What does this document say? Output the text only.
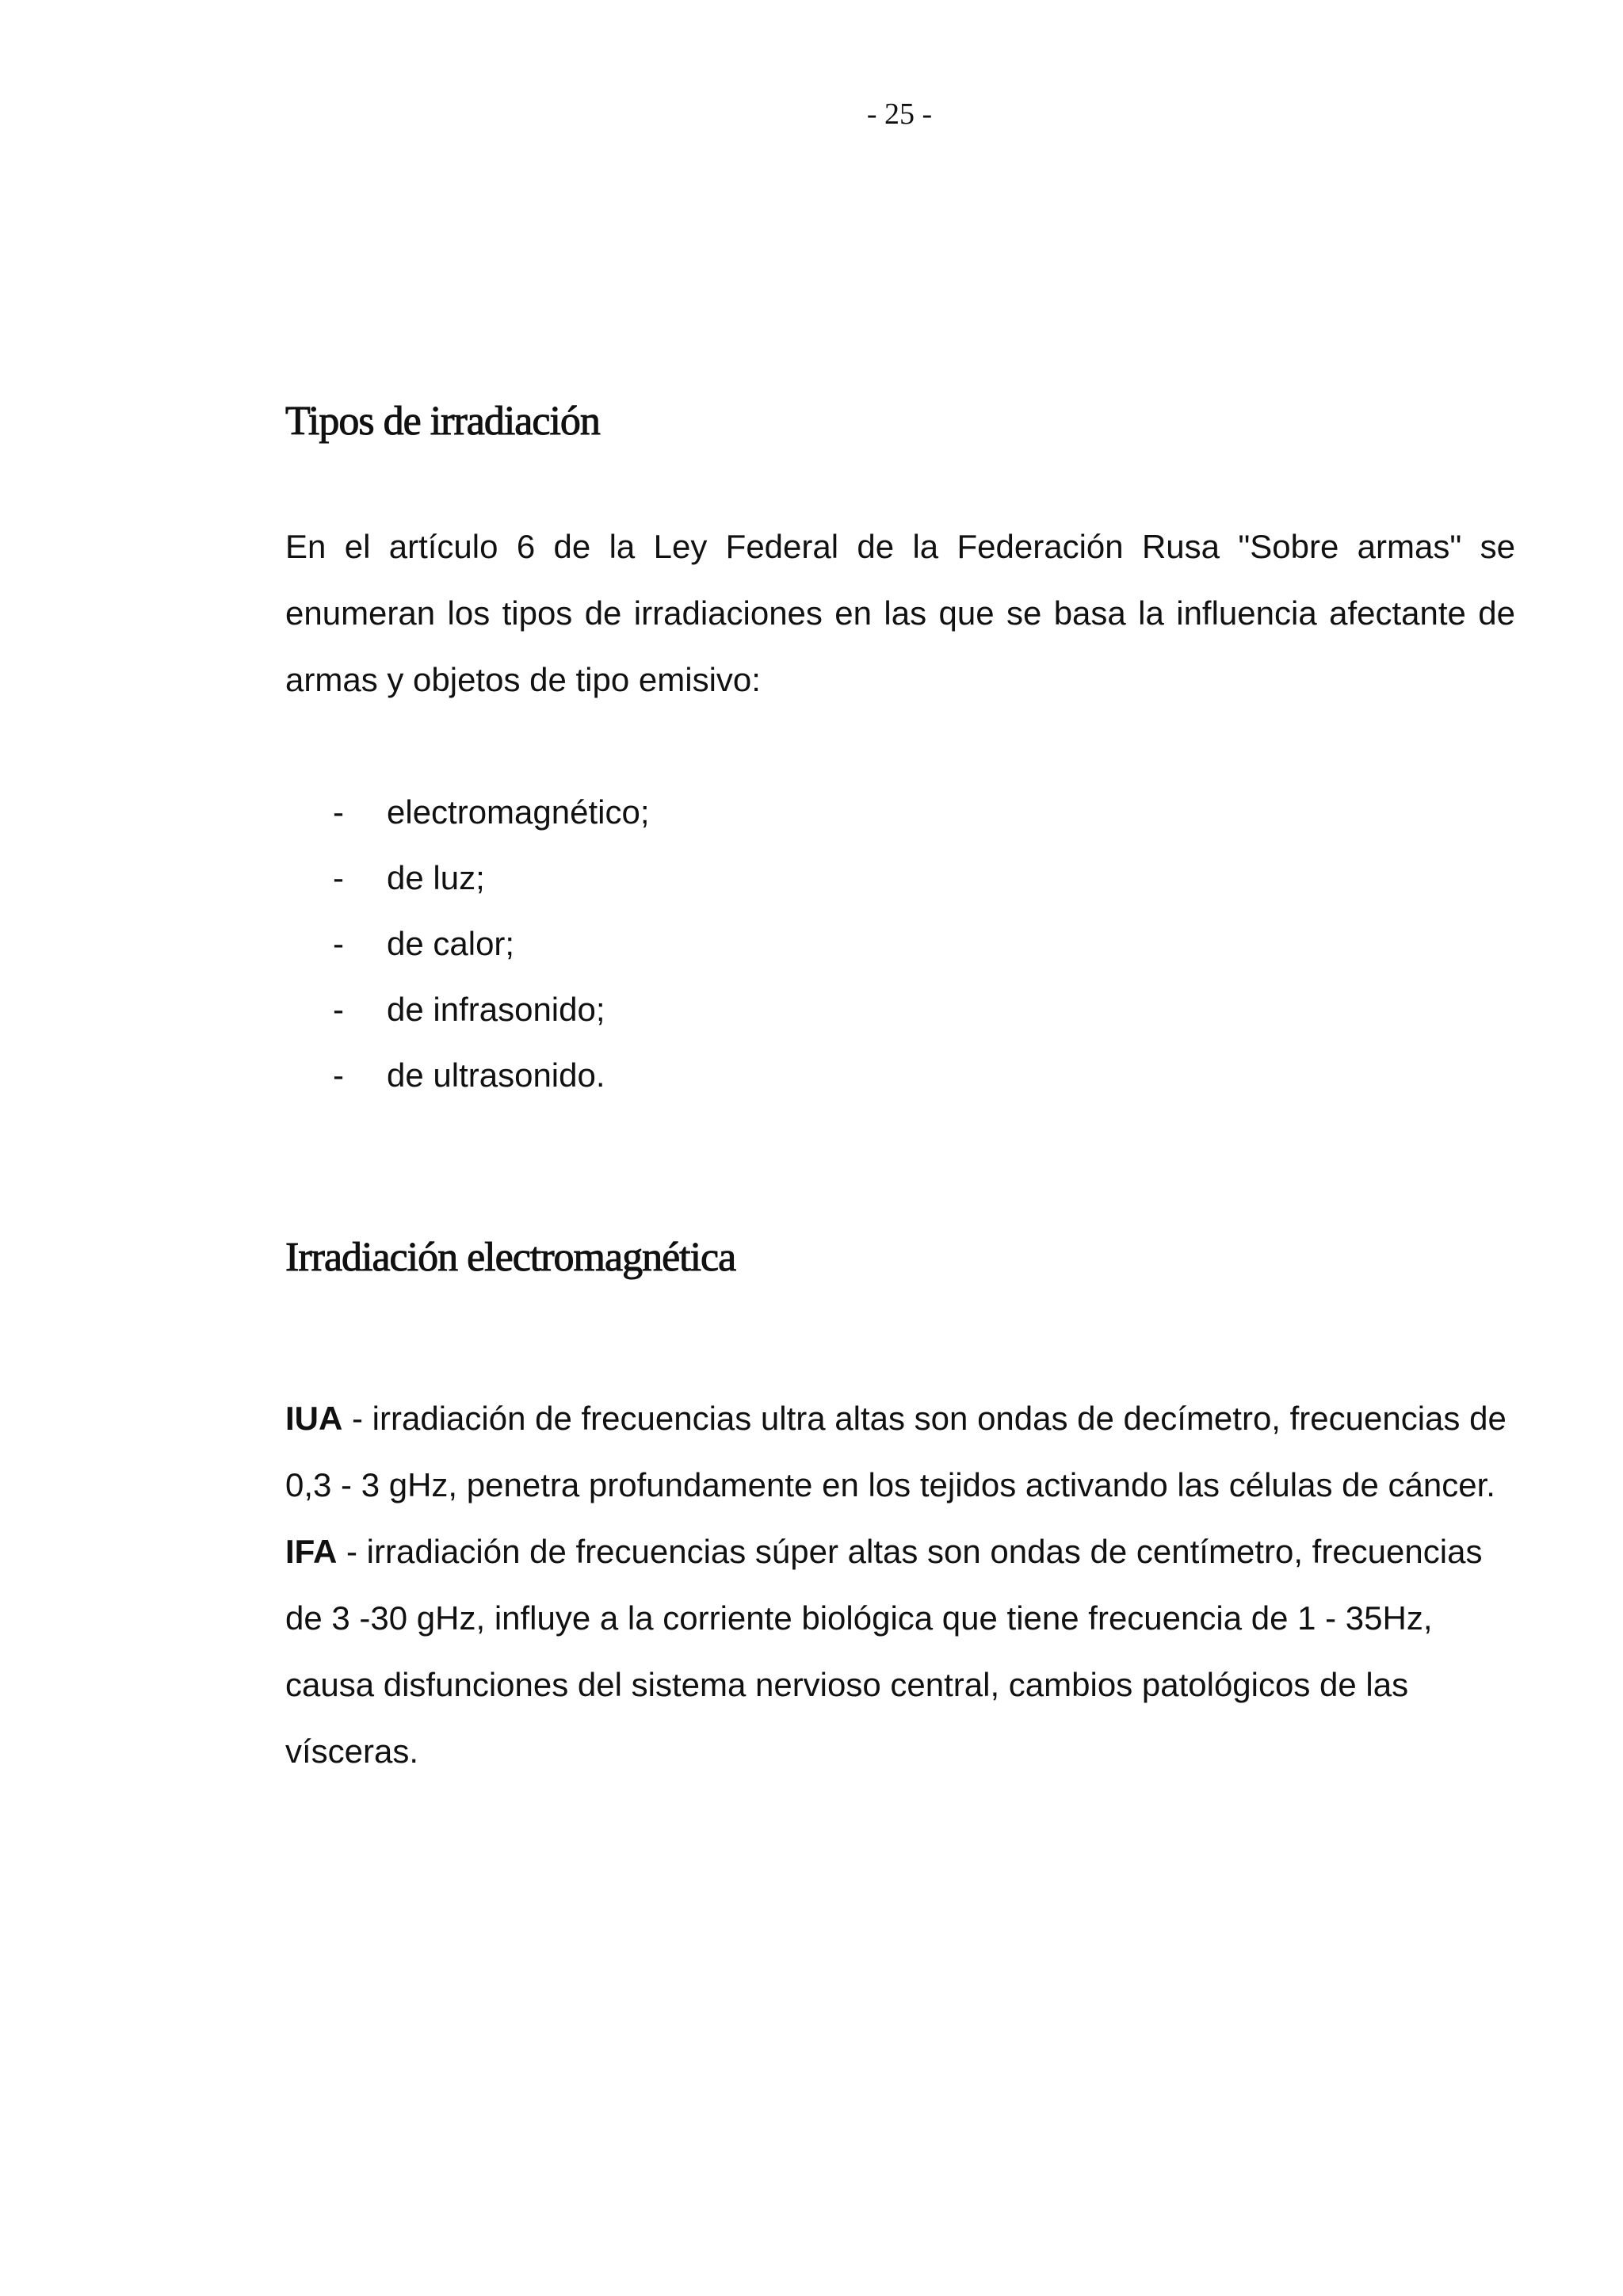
- 25 -
Tipos de irradiación

En el artículo 6 de la Ley Federal de la Federación Rusa "Sobre armas" se enumeran los tipos de irradiaciones en las que se basa la influencia afectante de armas y objetos de tipo emisivo:

-	electromagnético;
-	de luz;
-	de calor;
-	de infrasonido;
-	de ultrasonido.
Irradiación electromagnética

IUA - irradiación de frecuencias ultra altas son ondas de decímetro, frecuencias de 0,3 - 3 gHz, penetra profundamente en los tejidos activando las células de cáncer. IFA - irradiación de frecuencias súper altas son ondas de centímetro, frecuencias de 3 -30 gHz, influye a la corriente biológica que tiene frecuencia de 1 - 35Hz, causa disfunciones del sistema nervioso central, cambios patológicos de las vísceras.
